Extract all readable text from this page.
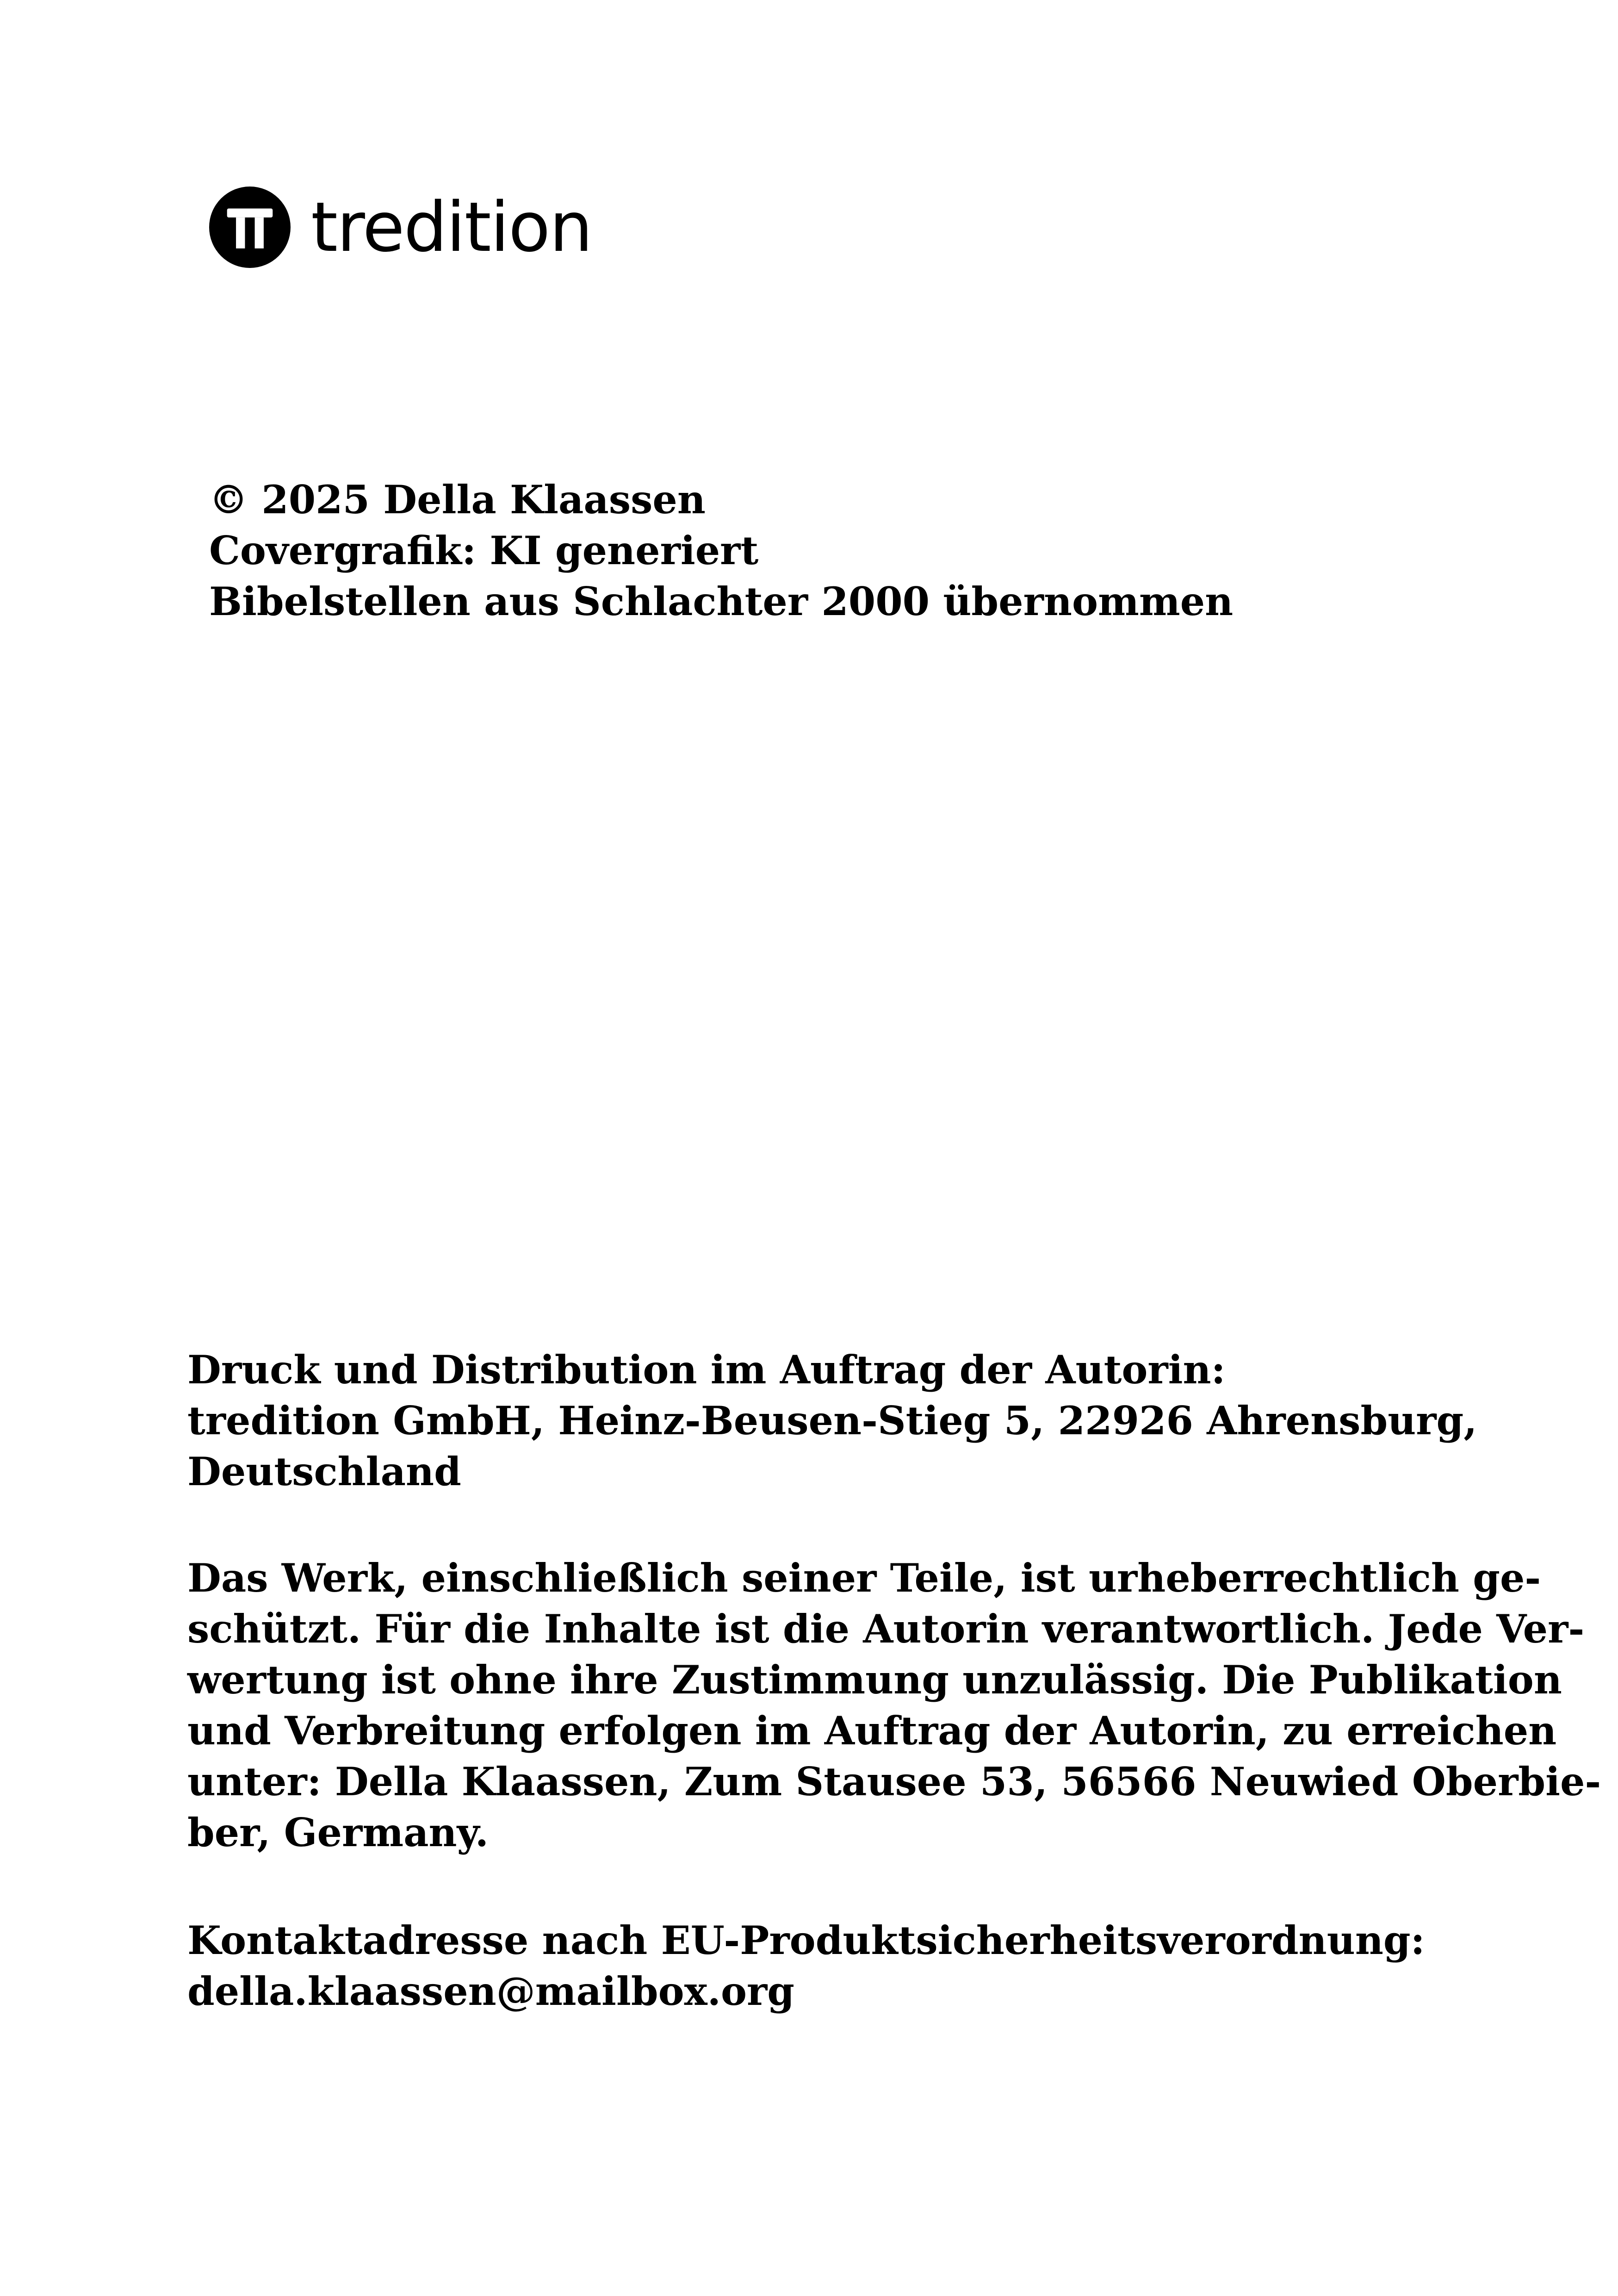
tredition

© 2025 Della Klaassen

Covergrafik: KI generiert

Bibelstellen aus Schlachter 2000 übernommen

Druck und Distribution im Auftrag der Autorin:

tredition GmbH, Heinz-Beusen-Stieg 5, 22926 Ahrensburg,

Deutschland

Das Werk, einschließlich seiner Teile, ist urheberrechtlich ge-

schützt. Für die Inhalte ist die Autorin verantwortlich. Jede Ver-

wertung ist ohne ihre Zustimmung unzulässig. Die Publikation

und Verbreitung erfolgen im Auftrag der Autorin, zu erreichen

unter: Della Klaassen, Zum Stausee 53, 56566 Neuwied Oberbie-

ber, Germany.

Kontaktadresse nach EU-Produktsicherheitsverordnung:

della.klaassen@mailbox.org
